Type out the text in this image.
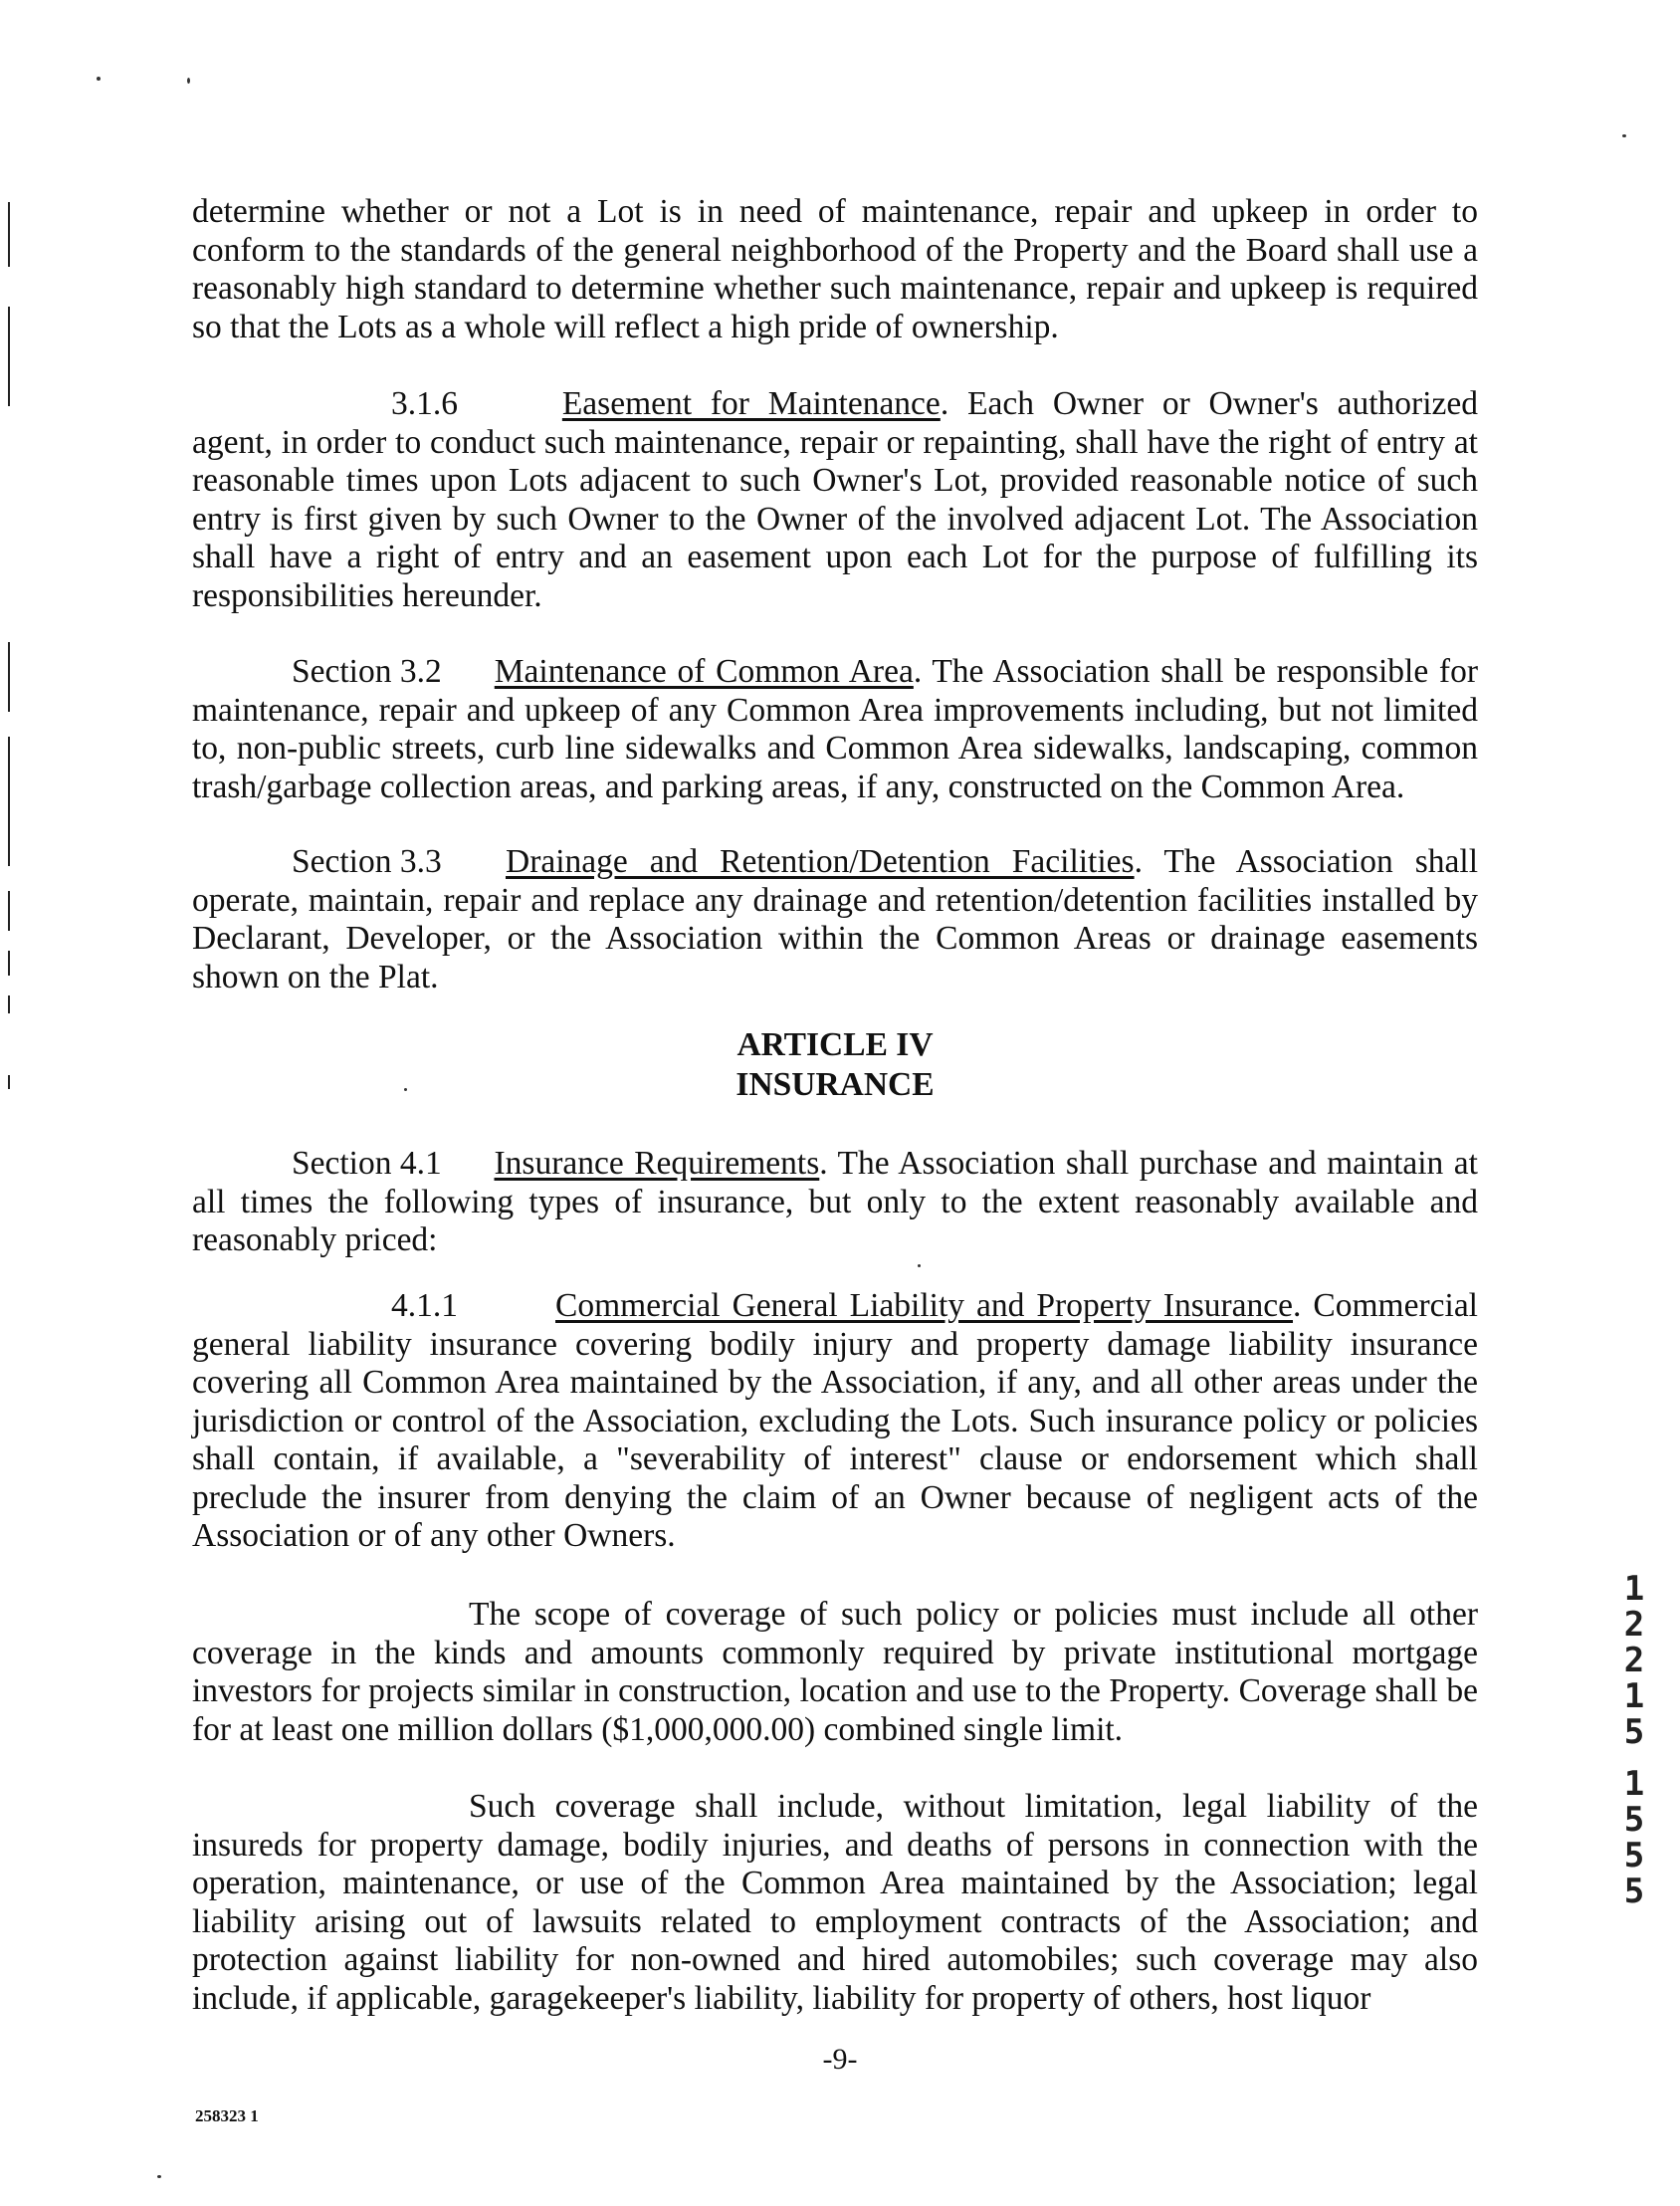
determine whether or not a Lot is in need of maintenance, repair and upkeep in order to conform to the standards of the general neighborhood of the Property and the Board shall use a reasonably high standard to determine whether such maintenance, repair and upkeep is required so that the Lots as a whole will reflect a high pride of ownership.

3.1.6	Easement for Maintenance. Each Owner or Owner's authorized agent, in order to conduct such maintenance, repair or repainting, shall have the right of entry at reasonable times upon Lots adjacent to such Owner's Lot, provided reasonable notice of such entry is first given by such Owner to the Owner of the involved adjacent Lot. The Association shall have a right of entry and an easement upon each Lot for the purpose of fulfilling its responsibilities hereunder.

Section 3.2 Maintenance of Common Area. The Association shall be responsible for maintenance, repair and upkeep of any Common Area improvements including, but not limited to, non-public streets, curb line sidewalks and Common Area sidewalks, landscaping, common trash/garbage collection areas, and parking areas, if any, constructed on the Common Area.

Section 3.3 Drainage and Retention/Detention Facilities. The Association shall operate, maintain, repair and replace any drainage and retention/detention facilities installed by Declarant, Developer, or the Association within the Common Areas or drainage easements shown on the Plat.

ARTICLE IV

INSURANCE

Section 4.1 Insurance Requirements. The Association shall purchase and maintain at all times the following types of insurance, but only to the extent reasonably available and reasonably priced:

4.1.1	Commercial General Liability and Property Insurance. Commercial general liability insurance covering bodily injury and property damage liability insurance covering all Common Area maintained by the Association, if any, and all other areas under the jurisdiction or control of the Association, excluding the Lots. Such insurance policy or policies shall contain, if available, a "severability of interest" clause or endorsement which shall preclude the insurer from denying the claim of an Owner because of negligent acts of the Association or of any other Owners.

The scope of coverage of such policy or policies must include all other coverage in the kinds and amounts commonly required by private institutional mortgage investors for projects similar in construction, location and use to the Property. Coverage shall be for at least one million dollars ($1,000,000.00) combined single limit.

Such coverage shall include, without limitation, legal liability of the insureds for property damage, bodily injuries, and deaths of persons in connection with the operation, maintenance, or use of the Common Area maintained by the Association; legal liability arising out of lawsuits related to employment contracts of the Association; and protection against liability for non-owned and hired automobiles; such coverage may also include, if applicable, garagekeeper's liability, liability for property of others, host liquor

-9-

258323 1

1
2
2
1
5
1
5
5
5
